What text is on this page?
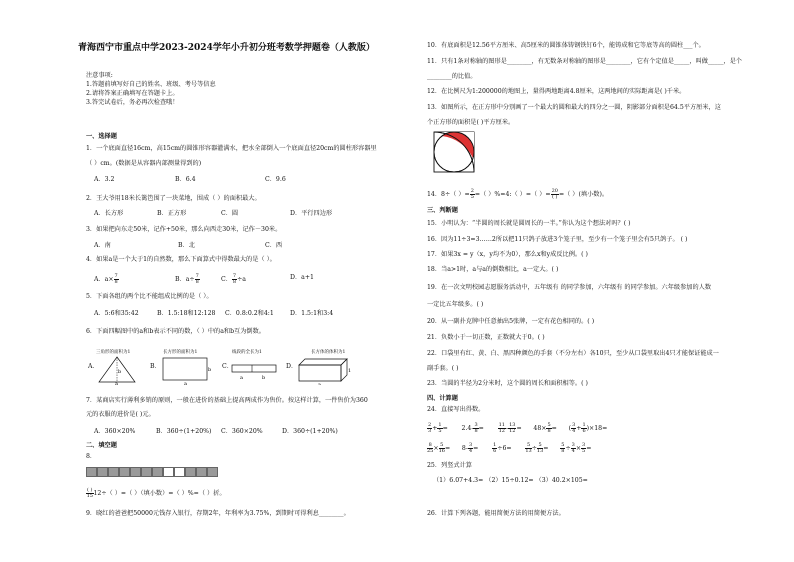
青海西宁市重点中学2023-2024学年小升初分班考数学押题卷（人教版）
注意事项:
1.答题前填写好自己的姓名、班级、考号等信息
2.请将答案正确填写在答题卡上。
3.答完试卷后，务必再次检查哦！
一、选择题
1．一个底面直径16cm，高15cm的圆锥形容器灌满水，把水全部倒入一个底面直径20cm的圆柱形容器里
（ ）cm。(数据是从容器内部测量得到的)
A．3.2	B．6.4	C．9.6
2．王大爷用18米长篱笆围了一块菜地，围成（ ）的面积最大。
A．长方形	B．正方形	C．圆	D．平行四边形
3．如果把向东走50米，记作+50米，那么向西走30米，记作－30米。
A．南	B．北	C．西
4．如果a是一个大于1的自然数，那么下面算式中得数最大的是（ ）。
A．$a\times \frac{7}{8}$	B．$a\div \frac{7}{8}$	C． $\frac{7}{8} \div a$	D．a+1
5．下面各组的两个比不能组成比例的是（ ）。
A．5:6和35:42	B．1.5:18和12:128 C．0.8:0.2和4:1	D．1.5:1和3:4
6．下面四幅图中的a和b表示不同的数，（ ）中的a和b互为倒数。
A．	B．	C．	D．
三角形的面积为1	长方形的面积为1	线段的全长为1	长方体的体积为1
b
a
b
a
a	b
1
a
7．某商店实行薄利多销的原则，一般在进价的基础上提高两成作为售价。按这样计算，一件售价为360
元的衣服的进价是( )元。
A．360×20%	B．360÷(1+20%) C．360×20%	D．360÷(1+20%)
二、填空题
8．
$\frac{( )}{15} 12\div$（ ）=（ ）（填小数）=（ ）%=（ ）折。
9．晓红的爸爸把50000元钱存入银行，存期2年，年利率为3.75%，到期时可得利息________。
10．有底面积是12.56平方厘米、高5厘米的圆锥体铸钢铁钉6个，能铸成和它等底等高的圆柱___个。
11．只有1条对称轴的图形是________，有无数条对称轴的图形是________，它有个定值是_____，叫做_____，是个
________的比值。
12．在比例尺为1:200000的地图上，量得两地距离4.8厘米，这两地间的实际距离是( )千米。
13．如图所示，在正方形中分别画了一个最大的圆和最大的四分之一圆，阴影部分面积是64.5平方厘米，这
个正方形的面积是( )平方厘米。
14．8÷（ ）= $\frac{2}{5}$ =（ ）%=4:（ ）=（ ）= $\frac{20}{( )}$ =（ ）(填小数)。
三、判断题
15．小明认为：“半圆的周长就是圆周长的一半。”你认为这个想法对吗？( )
16．因为11÷3=3……2所以把11只鸽子放进3个笼子里，至少有一个笼子里会有5只鸽子。 ( )
17．如果3x = y（x，y均不为0），那么x和y成反比例。( )
18．当a>1时，a与a的倒数相比，a一定大。( )
19．在一次文明校园志愿服务活动中，五年级有 的同学参加，六年级有 的同学参加。六年级参加的人数
一定比五年级多。( )
20．从一副扑克牌中任意抽出5张牌，一定有花色相同的。( )
21．负数小于一切正数，正数就大于0。( )
22．口袋里有红、黄、白、黑四种颜色的手套（不分左右）各10只，至少从口袋里取出4只才能保证能成一
副手套。( )
23．当圆的半径为2分米时，这个圆的周长和面积相等。( )
四、计算题
24．直接写出得数。
$\frac{2}{3} + \frac{1}{5}$ =       $2.4- \frac{3}{8} = \frac{11}{12} - \frac{13}{12}$ =      $48\times \frac{5}{8}$ =      ( $\frac{3}{4} + \frac{1}{6} )\times 18=$
$\frac{8}{25} \times \frac{5}{16}$ =      $8- \frac{3}{4} = \frac{1}{6} \div 6= \frac{5}{13} \div \frac{5}{13} = \frac{5}{8} \div \frac{3}{4} \times \frac{3}{5}$ =
25．列竖式计算
（1）6.07+4.3= （2）15÷0.12= （3）40.2×105=
26．计算下列各题，能用简便方法的用简便方法。
